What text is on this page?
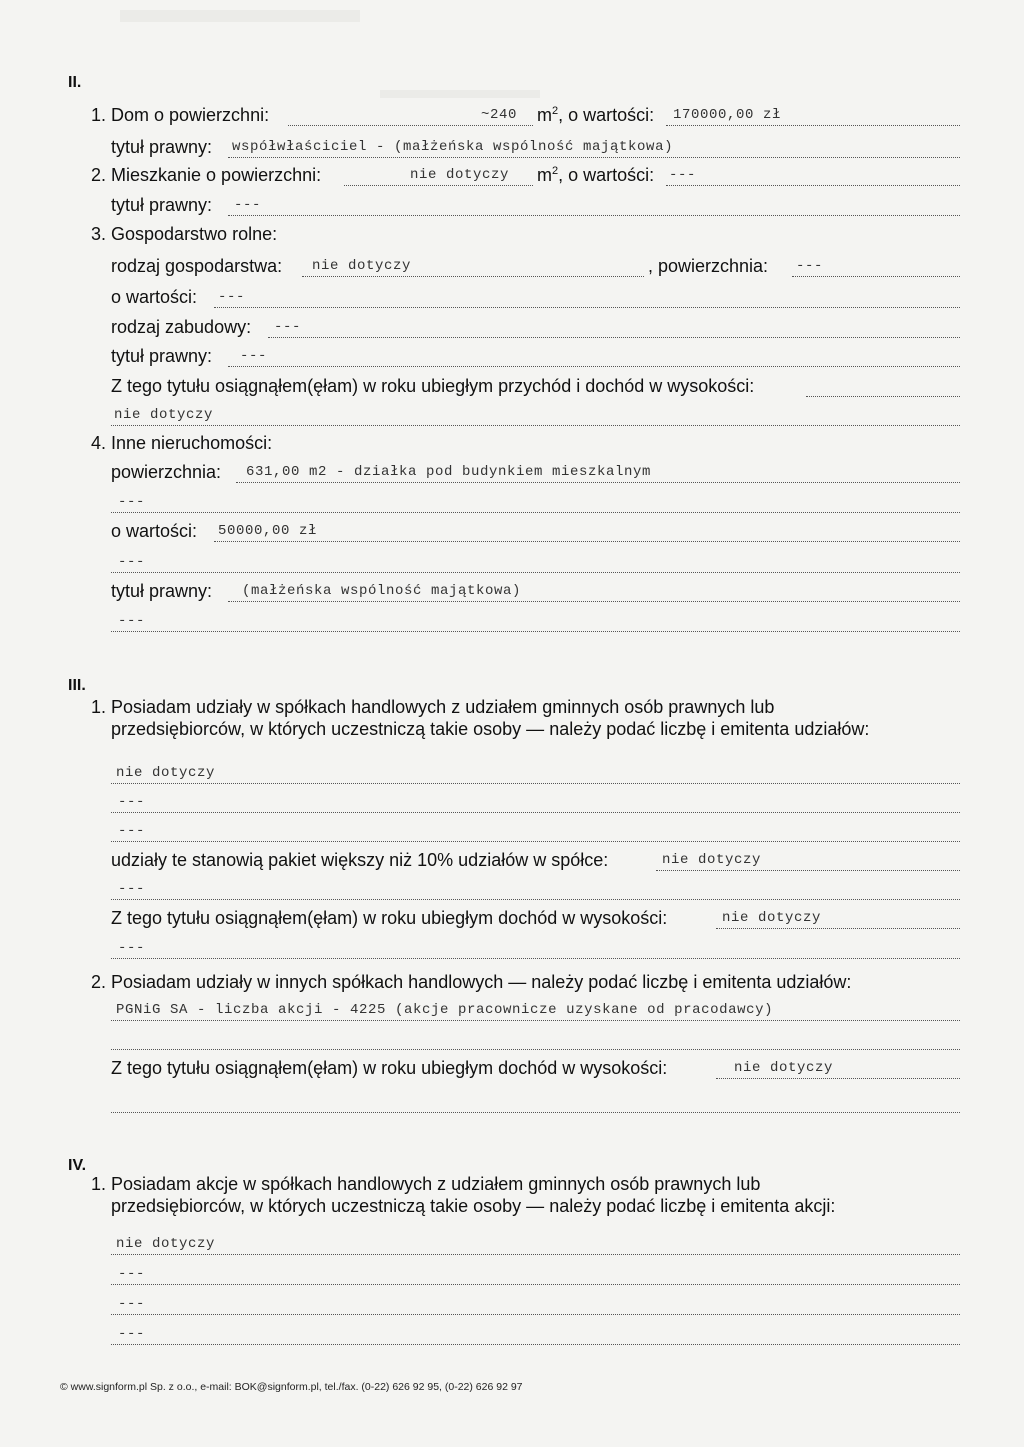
II.
1. Dom o powierzchni:	~240 $m^2$, o wartości: 170000,00 zł
tytuł prawny: współwłaściciel - (małżeńska wspólność majątkowa)
2. Mieszkanie o powierzchni:	nie dotyczy $m^2$, o wartości: ---
tytuł prawny: ---
3. Gospodarstwo rolne:
rodzaj gospodarstwa: nie dotyczy	, powierzchnia: ---
o wartości: ---
rodzaj zabudowy: ---
tytuł prawny: ---
Z tego tytułu osiągnąłem(ęłam) w roku ubiegłym przychód i dochód w wysokości:
nie dotyczy
4. Inne nieruchomości:
powierzchnia: 631,00 m2 - działka pod budynkiem mieszkalnym
---
o wartości: 50000,00 zł
---
tytuł prawny: (małżeńska wspólność majątkowa)
---
III.
1. Posiadam udziały w spółkach handlowych z udziałem gminnych osób prawnych lub
przedsiębiorców, w których uczestniczą takie osoby — należy podać liczbę i emitenta udziałów:
nie dotyczy
---
---
udziały te stanowią pakiet większy niż 10% udziałów w spółce:	nie dotyczy
---
Z tego tytułu osiągnąłem(ęłam) w roku ubiegłym dochód w wysokości:	nie dotyczy
---
2. Posiadam udziały w innych spółkach handlowych — należy podać liczbę i emitenta udziałów:
PGNiG SA - liczba akcji - 4225 (akcje pracownicze uzyskane od pracodawcy)
Z tego tytułu osiągnąłem(ęłam) w roku ubiegłym dochód w wysokości:	nie dotyczy
IV.
1. Posiadam akcje w spółkach handlowych z udziałem gminnych osób prawnych lub
przedsiębiorców, w których uczestniczą takie osoby — należy podać liczbę i emitenta akcji:
nie dotyczy
---
---
---
© www.signform.pl Sp. z o.o., e-mail: BOK@signform.pl, tel./fax. (0-22) 626 92 95, (0-22) 626 92 97
